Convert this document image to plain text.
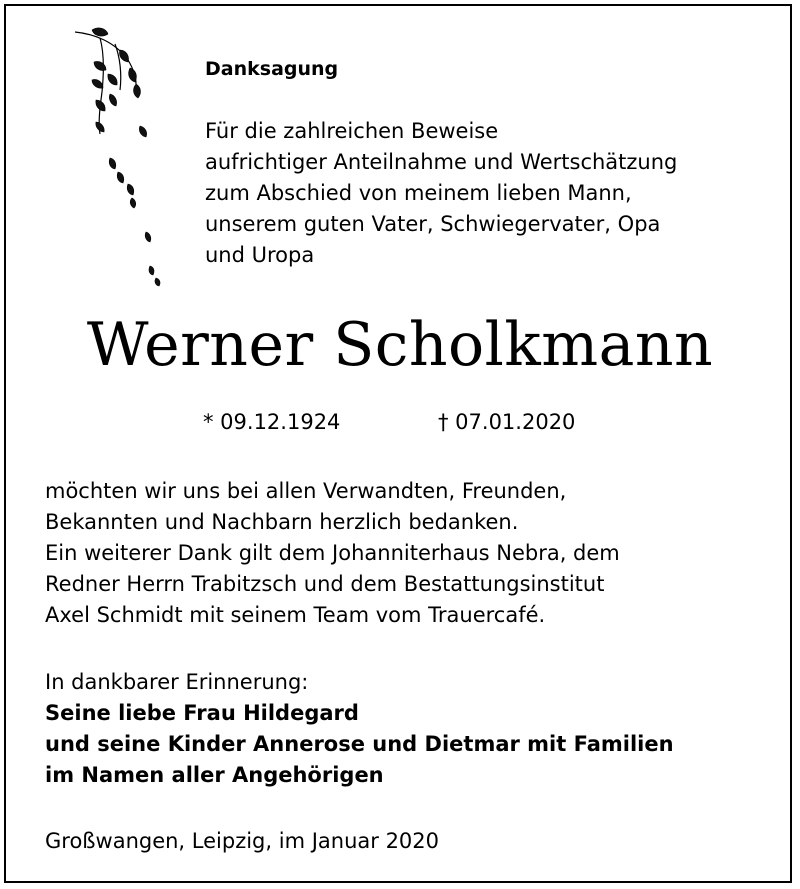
Danksagung
Für die zahlreichen Beweise
aufrichtiger Anteilnahme und Wertschätzung
zum Abschied von meinem lieben Mann,
unserem guten Vater, Schwiegervater, Opa
und Uropa
Werner Scholkmann
* 09.12.1924	† 07.01.2020
möchten wir uns bei allen Verwandten, Freunden,
Bekannten und Nachbarn herzlich bedanken.
Ein weiterer Dank gilt dem Johanniterhaus Nebra, dem
Redner Herrn Trabitzsch und dem Bestattungsinstitut
Axel Schmidt mit seinem Team vom Trauercafé.
In dankbarer Erinnerung:
Seine liebe Frau Hildegard
und seine Kinder Annerose und Dietmar mit Familien
im Namen aller Angehörigen
Großwangen, Leipzig, im Januar 2020
